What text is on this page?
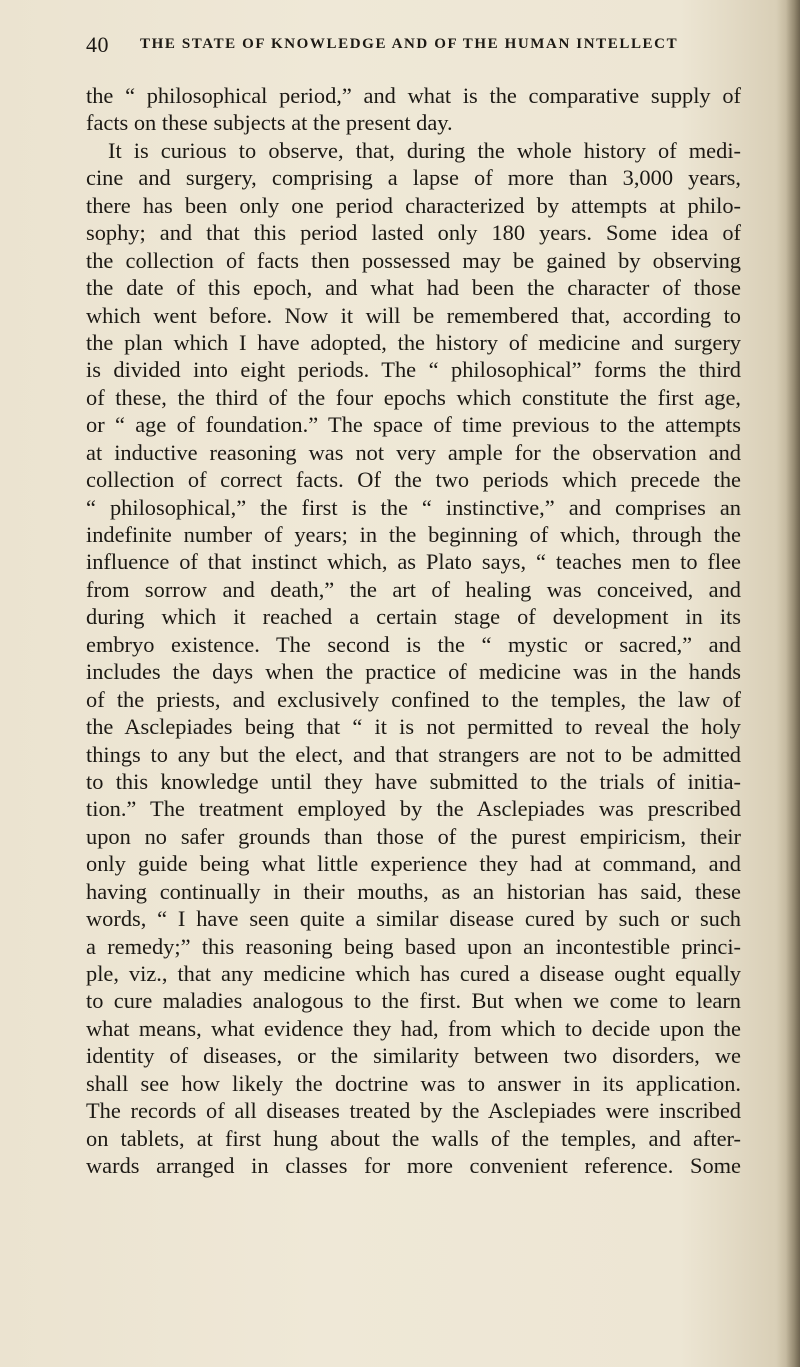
40 THE STATE OF KNOWLEDGE AND OF THE HUMAN INTELLECT
the “ philosophical period,” and what is the comparative supply of
facts on these subjects at the present day.
It is curious to observe, that, during the whole history of medi-
cine and surgery, comprising a lapse of more than 3,000 years,
there has been only one period characterized by attempts at philo-
sophy; and that this period lasted only 180 years. Some idea of
the collection of facts then possessed may be gained by observing
the date of this epoch, and what had been the character of those
which went before. Now it will be remembered that, according to
the plan which I have adopted, the history of medicine and surgery
is divided into eight periods. The “ philosophical” forms the third
of these, the third of the four epochs which constitute the first age,
or “ age of foundation.” The space of time previous to the attempts
at inductive reasoning was not very ample for the observation and
collection of correct facts. Of the two periods which precede the
“ philosophical,” the first is the “ instinctive,” and comprises an
indefinite number of years; in the beginning of which, through the
influence of that instinct which, as Plato says, “ teaches men to flee
from sorrow and death,” the art of healing was conceived, and
during which it reached a certain stage of development in its
embryo existence. The second is the “ mystic or sacred,” and
includes the days when the practice of medicine was in the hands
of the priests, and exclusively confined to the temples, the law of
the Asclepiades being that “ it is not permitted to reveal the holy
things to any but the elect, and that strangers are not to be admitted
to this knowledge until they have submitted to the trials of initia-
tion.” The treatment employed by the Asclepiades was prescribed
upon no safer grounds than those of the purest empiricism, their
only guide being what little experience they had at command, and
having continually in their mouths, as an historian has said, these
words, “ I have seen quite a similar disease cured by such or such
a remedy;” this reasoning being based upon an incontestible princi-
ple, viz., that any medicine which has cured a disease ought equally
to cure maladies analogous to the first. But when we come to learn
what means, what evidence they had, from which to decide upon the
identity of diseases, or the similarity between two disorders, we
shall see how likely the doctrine was to answer in its application.
The records of all diseases treated by the Asclepiades were inscribed
on tablets, at first hung about the walls of the temples, and after-
wards arranged in classes for more convenient reference. Some
